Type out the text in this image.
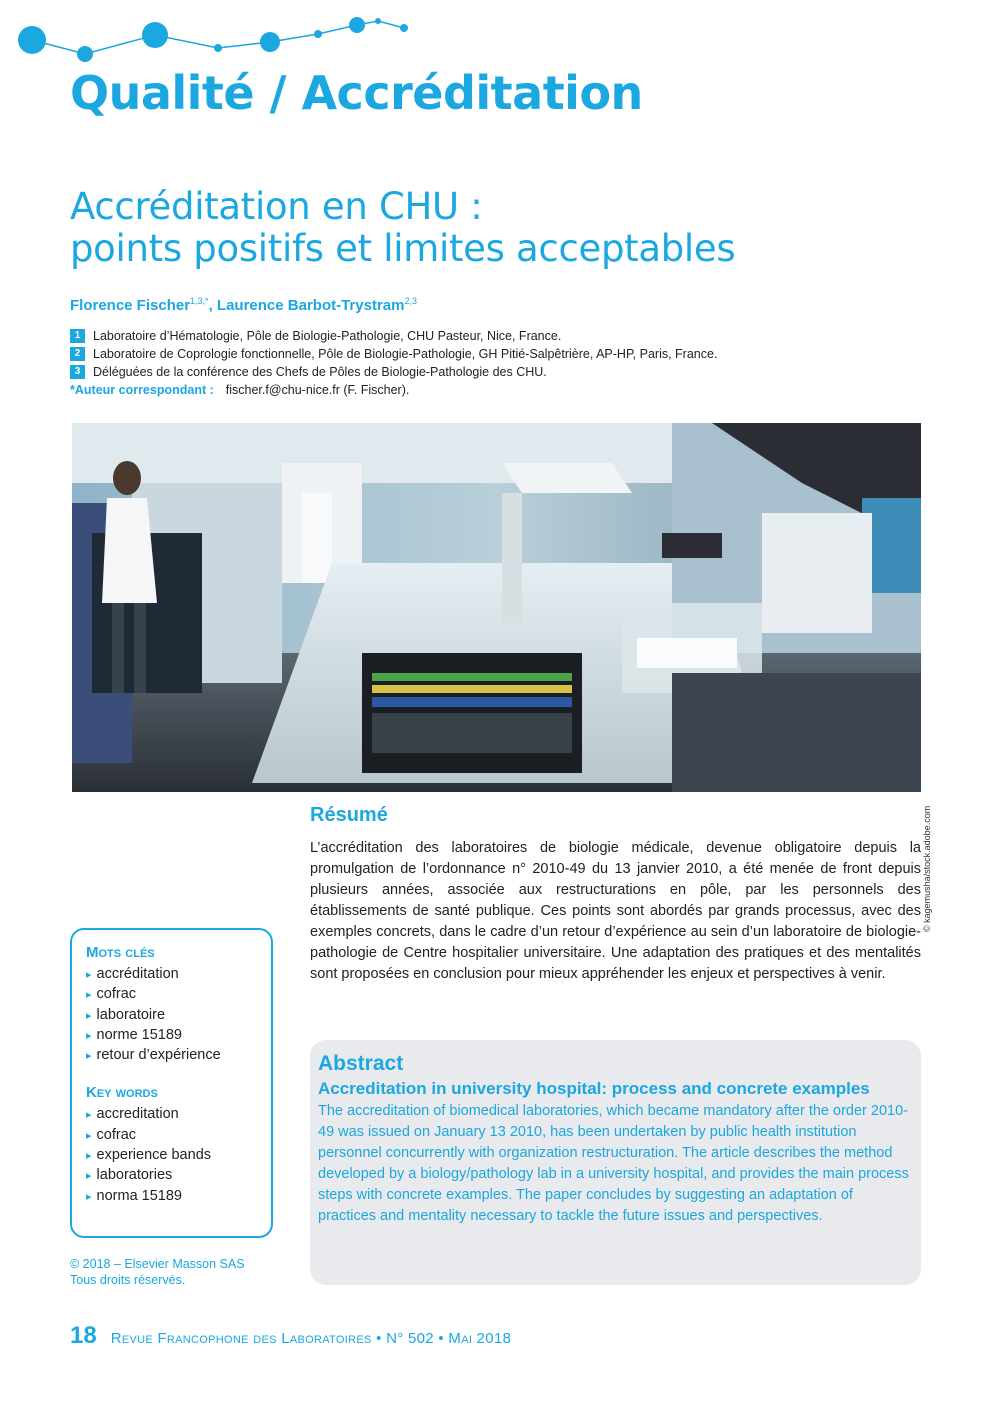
Qualité / Accréditation
Accréditation en CHU :
points positifs et limites acceptables
Florence Fischer$^{1,3,*}$, Laurence Barbot-Trystram$^{2,3}$
1	Laboratoire d’Hématologie, Pôle de Biologie-Pathologie, CHU Pasteur, Nice, France.
2	Laboratoire de Coprologie fonctionnelle, Pôle de Biologie-Pathologie, GH Pitié-Salpêtrière, AP-HP, Paris, France.
3	Déléguées de la conférence des Chefs de Pôles de Biologie-Pathologie des CHU.
*Auteur correspondant : fischer.f@chu-nice.fr (F. Fischer).
© kagemusha/stock.adobe.com
Résumé

L’accréditation des laboratoires de biologie médicale, devenue obligatoire depuis la promulgation de l’ordonnance n° 2010-49 du 13 janvier 2010, a été menée de front depuis plusieurs années, associée aux restructurations en pôle, par les personnels des établissements de santé publique. Ces points sont abordés par grands processus, avec des exemples concrets, dans le cadre d’un retour d’expérience au sein d’un laboratoire de biologie-pathologie de Centre hospitalier universitaire. Une adaptation des pratiques et des mentalités sont proposées en conclusion pour mieux appréhender les enjeux et perspectives à venir.

Mots clés
▸ accréditation
▸ cofrac
▸ laboratoire
▸ norme 15189
▸ retour d’expérience
Key words
▸ accreditation
▸ cofrac
▸ experience bands
▸ laboratories
▸ norma 15189
© 2018 – Elsevier Masson SAS
Tous droits réservés.
Abstract
Accreditation in university hospital: process and concrete examples
The accreditation of biomedical laboratories, which became mandatory after the order 2010-49 was issued on January 13 2010, has been undertaken by public health institution personnel concurrently with organization restructuration. The article describes the method developed by a biology/pathology lab in a university hospital, and provides the main process steps with concrete examples. The paper concludes by suggesting an adaptation of practices and mentality necessary to tackle the future issues and perspectives.
18 Revue Francophone des Laboratoires • N° 502 • Mai 2018
